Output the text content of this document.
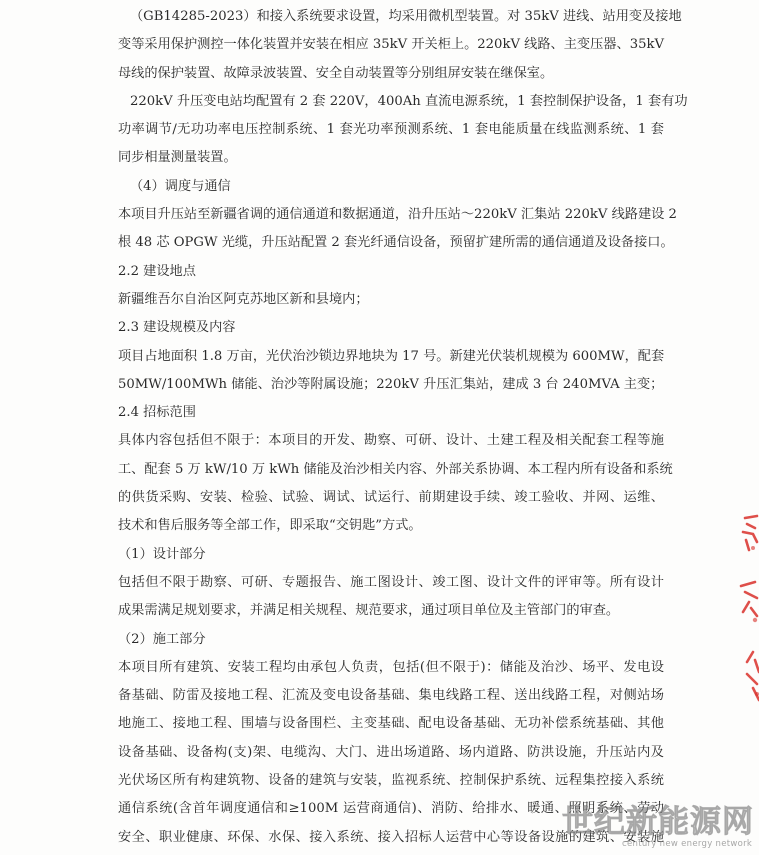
（GB14285-2023）和接入系统要求设置，均采用微机型装置。对 35kV 进线、站用变及接地
变等采用保护测控一体化装置并安装在相应 35kV 开关柜上。220kV 线路、主变压器、35kV
母线的保护装置、故障录波装置、安全自动装置等分别组屏安装在继保室。
220kV 升压变电站均配置有 2 套 220V，400Ah 直流电源系统，1 套控制保护设备，1 套有功
功率调节/无功功率电压控制系统、1 套光功率预测系统、1 套电能质量在线监测系统、1 套
同步相量测量装置。
（4）调度与通信
本项目升压站至新疆省调的通信通道和数据通道，沿升压站～220kV 汇集站 220kV 线路建设 2
根 48 芯 OPGW 光缆，升压站配置 2 套光纤通信设备，预留扩建所需的通信通道及设备接口。
2.2 建设地点
新疆维吾尔自治区阿克苏地区新和县境内；
2.3 建设规模及内容
项目占地面积 1.8 万亩，光伏治沙锁边界地块为 17 号。新建光伏装机规模为 600MW，配套
50MW/100MWh 储能、治沙等附属设施；220kV 升压汇集站，建成 3 台 240MVA 主变；
2.4 招标范围
具体内容包括但不限于：本项目的开发、勘察、可研、设计、土建工程及相关配套工程等施
工、配套 5 万 kW/10 万 kWh 储能及治沙相关内容、外部关系协调、本工程内所有设备和系统
的供货采购、安装、检验、试验、调试、试运行、前期建设手续、竣工验收、并网、运维、
技术和售后服务等全部工作，即采取“交钥匙”方式。
（1）设计部分
包括但不限于勘察、可研、专题报告、施工图设计、竣工图、设计文件的评审等。所有设计
成果需满足规划要求，并满足相关规程、规范要求，通过项目单位及主管部门的审查。
（2）施工部分
本项目所有建筑、安装工程均由承包人负责，包括(但不限于)：储能及治沙、场平、发电设
备基础、防雷及接地工程、汇流及变电设备基础、集电线路工程、送出线路工程，对侧站场
地施工、接地工程、围墙与设备围栏、主变基础、配电设备基础、无功补偿系统基础、其他
设备基础、设备构(支)架、电缆沟、大门、进出场道路、场内道路、防洪设施，升压站内及
光伏场区所有构建筑物、设备的建筑与安装，监视系统、控制保护系统、远程集控接入系统
通信系统(含首年调度通信和≥100M 运营商通信)、消防、给排水、暖通、照明系统、劳动
安全、职业健康、环保、水保、接入系统、接入招标人运营中心等设备设施的建筑、安装施
世纪新能源网
century new energy network
